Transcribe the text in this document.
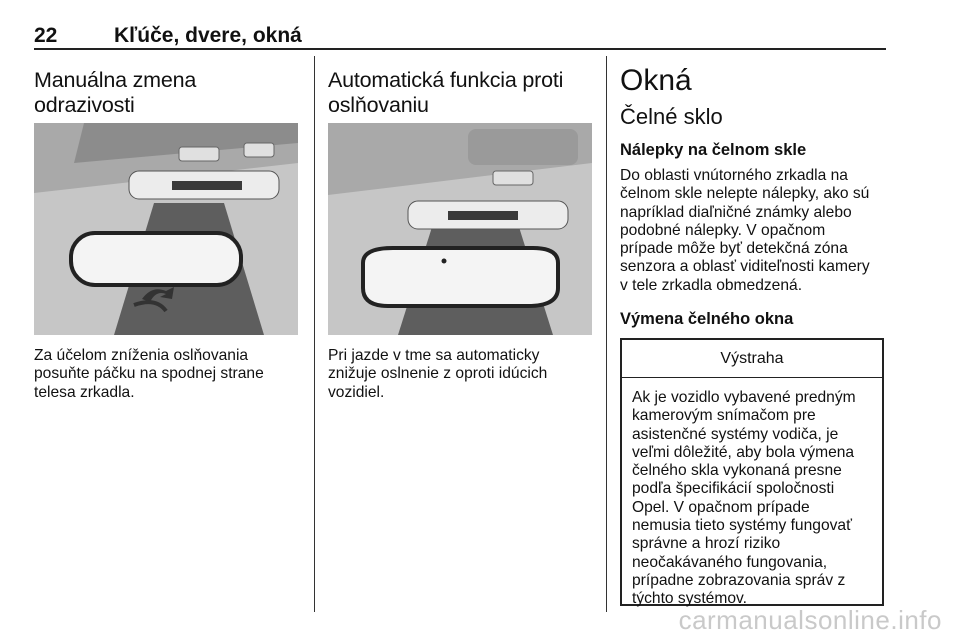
22	Kľúče, dvere, okná
Manuálna zmena
odrazivosti
Za účelom zníženia oslňovania
posuňte páčku na spodnej strane
telesa zrkadla.
Automatická funkcia proti
oslňovaniu
Pri jazde v tme sa automaticky
znižuje oslnenie z oproti idúcich
vozidiel.
Okná
Čelné sklo
Nálepky na čelnom skle
Do oblasti vnútorného zrkadla na
čelnom skle nelepte nálepky, ako sú
napríklad diaľničné známky alebo
podobné nálepky. V opačnom
prípade môže byť detekčná zóna
senzora a oblasť viditeľnosti kamery
v tele zrkadla obmedzená.
Výmena čelného okna
Výstraha
Ak je vozidlo vybavené predným
kamerovým snímačom pre
asistenčné systémy vodiča, je
veľmi dôležité, aby bola výmena
čelného skla vykonaná presne
podľa špecifikácií spoločnosti
Opel. V opačnom prípade
nemusia tieto systémy fungovať
správne a hrozí riziko
neočakávaného fungovania,
prípadne zobrazovania správ z
týchto systémov.
carmanualsonline.info
